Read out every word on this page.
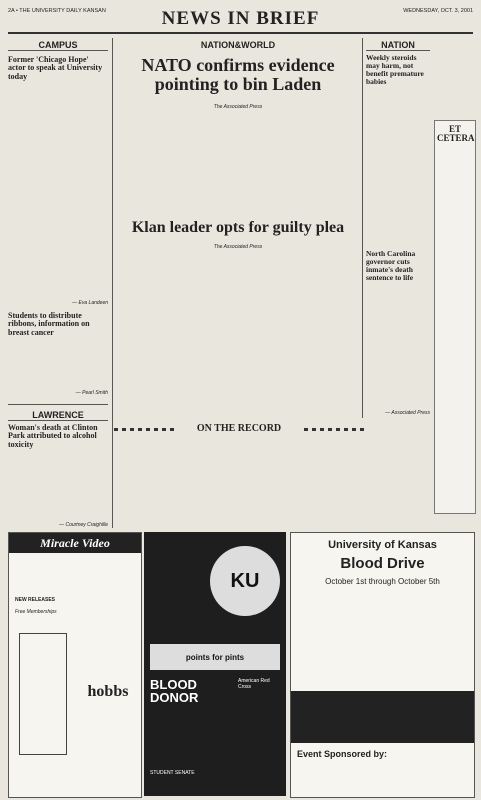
2A • THE UNIVERSITY DAILY KANSAN	NEWS IN BRIEF	WEDNESDAY, OCT. 3, 2001
CAMPUS
Former 'Chicago Hope' actor to speak at University today
— Eva Landeen
Students to distribute ribbons, information on breast cancer
— Pearl Smith
LAWRENCE
Woman's death at Clinton Park attributed to alcohol toxicity
— Courtney Craighille
NATION&WORLD
NATO confirms evidence pointing to bin Laden
The Associated Press
Klan leader opts for guilty plea
The Associated Press
NATION
Weekly steroids may harm, not benefit premature babies
North Carolina governor cuts inmate's death sentence to life
— Associated Press
ET CETERA
ON THE RECORD
Miracle Video
NEW RELEASES
Free Memberships
hobbs
KU
points for pints
BLOOD DONOR
American Red Cross
STUDENT SENATE
University of Kansas
Blood Drive
October 1st through October 5th
Event Sponsored by:
